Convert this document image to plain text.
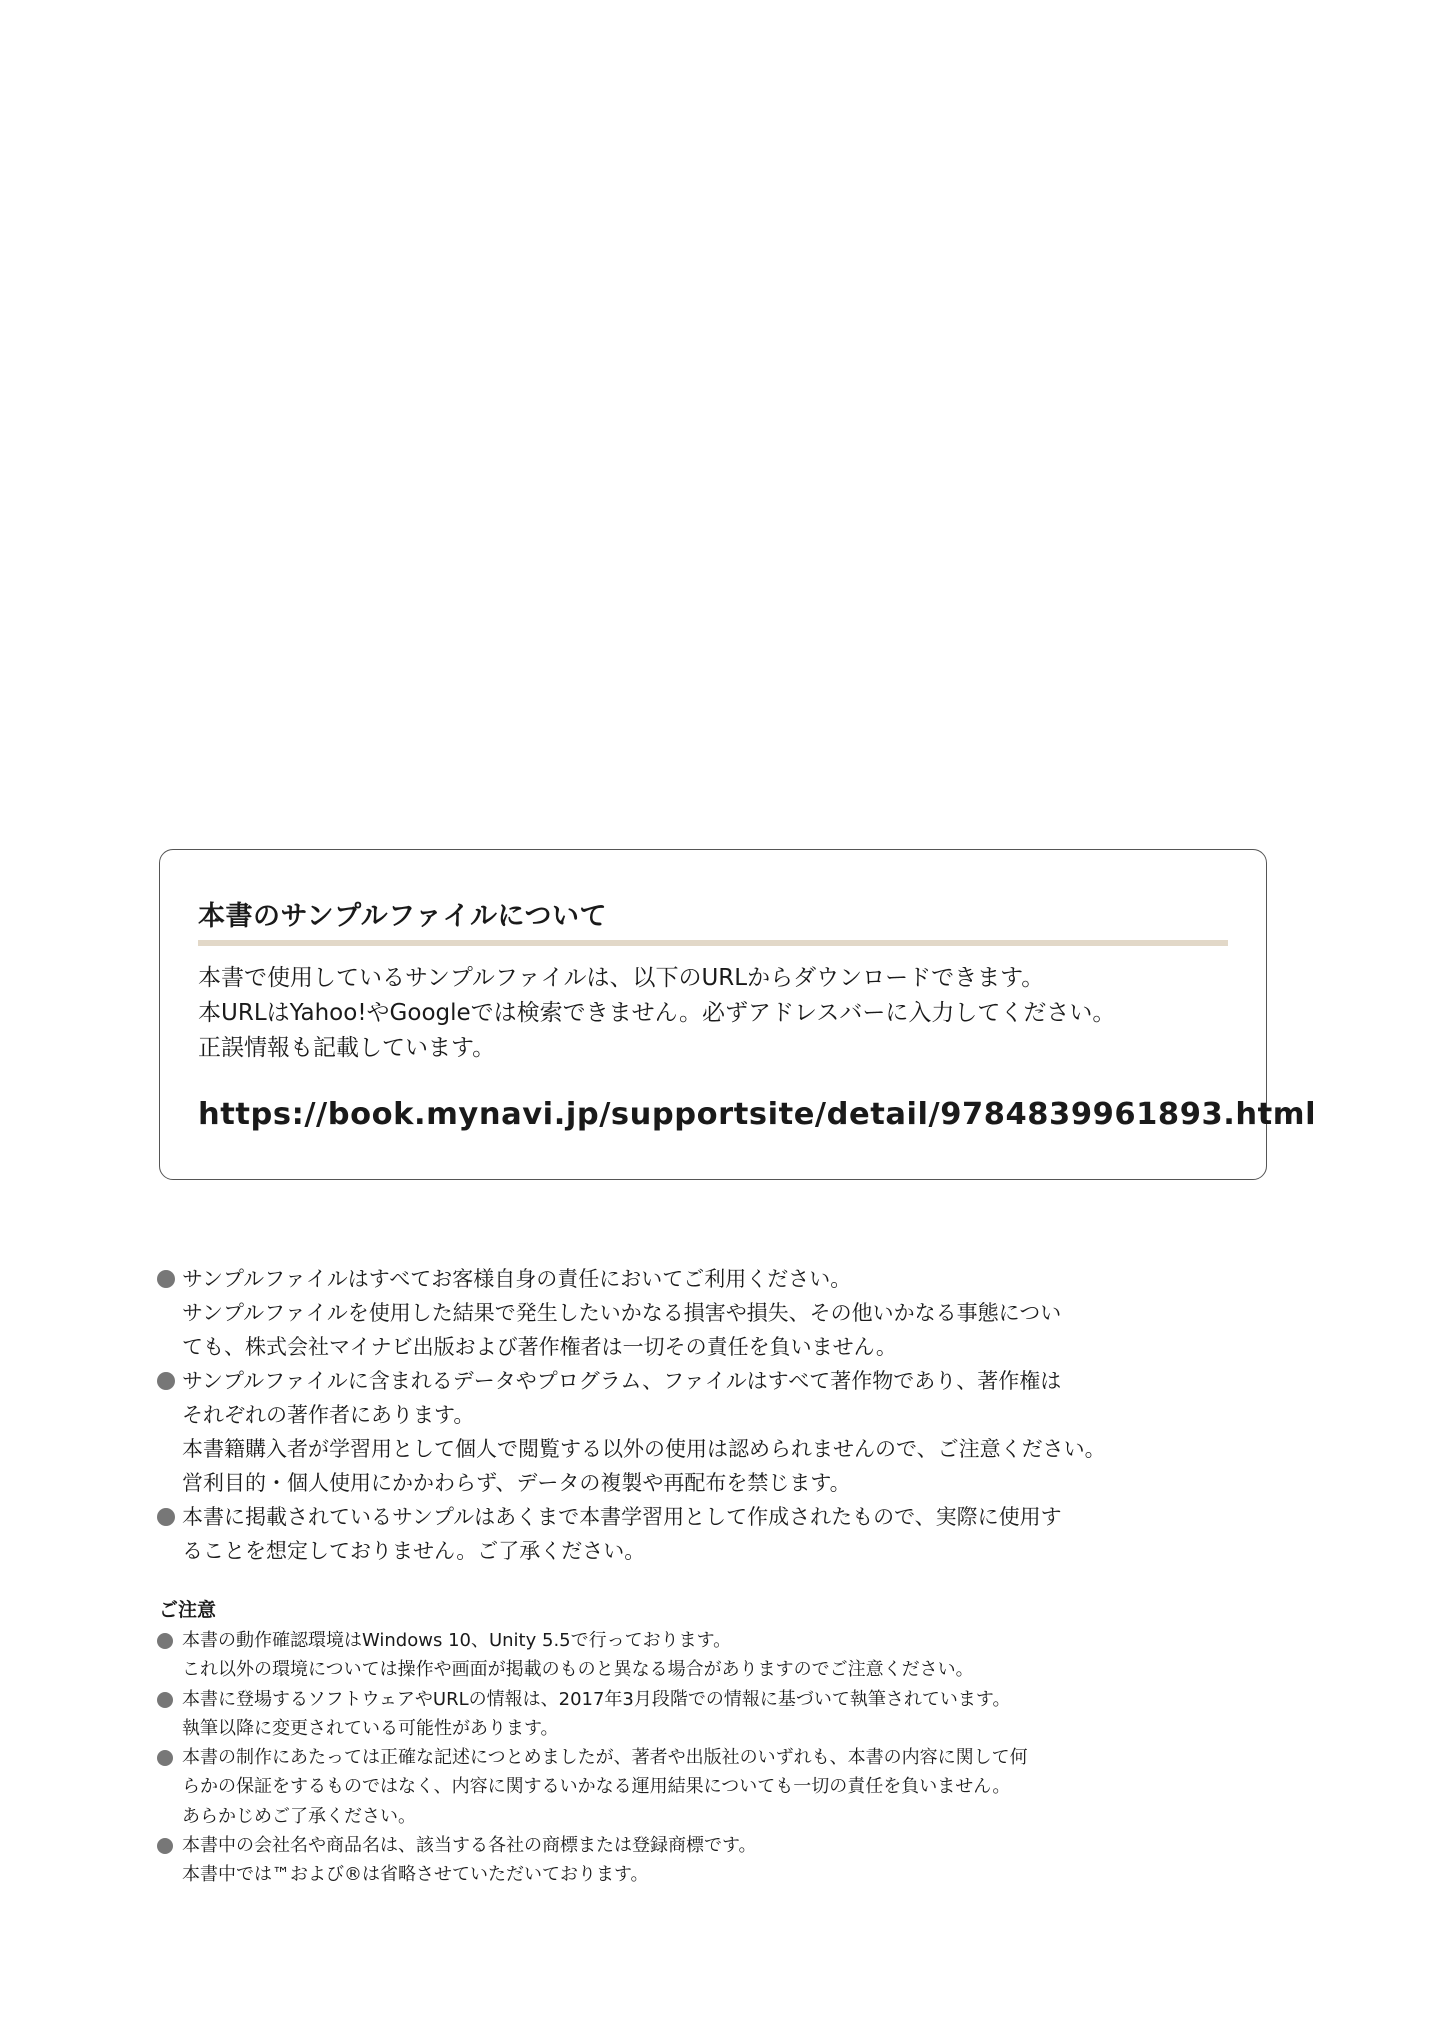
本書のサンプルファイルについて
本書で使用しているサンプルファイルは、以下のURLからダウンロードできます。
本URLはYahoo!やGoogleでは検索できません。必ずアドレスバーに入力してください。
正誤情報も記載しています。
https://book.mynavi.jp/supportsite/detail/9784839961893.html
サンプルファイルはすべてお客様自身の責任においてご利用ください。
サンプルファイルを使用した結果で発生したいかなる損害や損失、その他いかなる事態につい
ても、株式会社マイナビ出版および著作権者は一切その責任を負いません。
サンプルファイルに含まれるデータやプログラム、ファイルはすべて著作物であり、著作権は
それぞれの著作者にあります。
本書籍購入者が学習用として個人で閲覧する以外の使用は認められませんので、ご注意ください。
営利目的・個人使用にかかわらず、データの複製や再配布を禁じます。
本書に掲載されているサンプルはあくまで本書学習用として作成されたもので、実際に使用す
ることを想定しておりません。ご了承ください。
ご注意
本書の動作確認環境はWindows 10、Unity 5.5で行っております。
これ以外の環境については操作や画面が掲載のものと異なる場合がありますのでご注意ください。
本書に登場するソフトウェアやURLの情報は、2017年3月段階での情報に基づいて執筆されています。
執筆以降に変更されている可能性があります。
本書の制作にあたっては正確な記述につとめましたが、著者や出版社のいずれも、本書の内容に関して何
らかの保証をするものではなく、内容に関するいかなる運用結果についても一切の責任を負いません。
あらかじめご了承ください。
本書中の会社名や商品名は、該当する各社の商標または登録商標です。
本書中では™および®は省略させていただいております。
